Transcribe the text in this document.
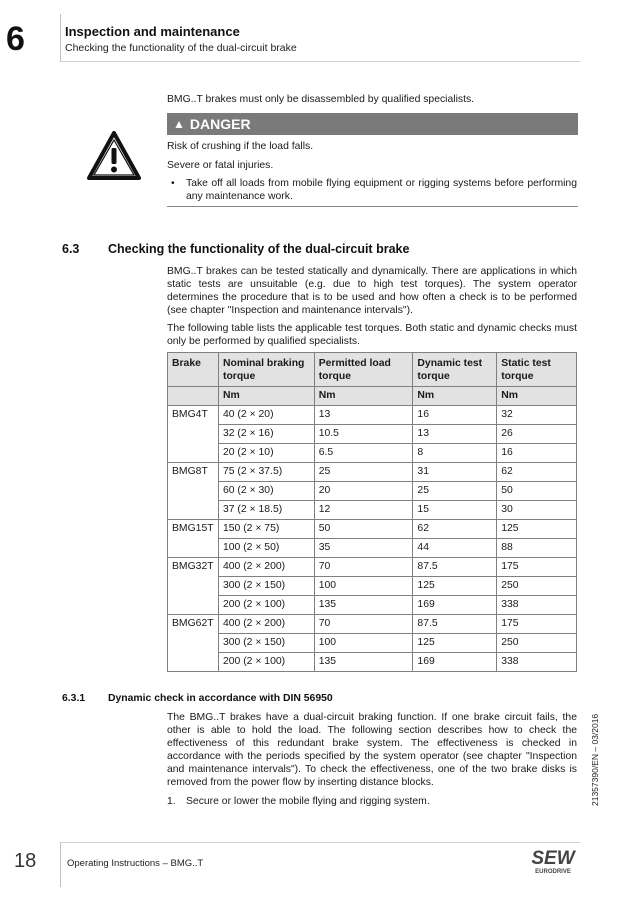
6	Inspection and maintenance
Checking the functionality of the dual-circuit brake
BMG..T brakes must only be disassembled by qualified specialists.
▲ DANGER
Risk of crushing if the load falls.
Severe or fatal injuries.
•	Take off all loads from mobile flying equipment or rigging systems before performing any maintenance work.
6.3 Checking the functionality of the dual-circuit brake
BMG..T brakes can be tested statically and dynamically. There are applications in which static tests are unsuitable (e.g. due to high test torques). The system operator determines the procedure that is to be used and how often a check is to be performed (see chapter "Inspection and maintenance intervals").
The following table lists the applicable test torques. Both static and dynamic checks must only be performed by qualified specialists.
Brake	Nominal braking torque	Permitted load torque	Dynamic test torque	Static test torque
	Nm	Nm	Nm	Nm
BMG4T	40 (2 × 20)	13	16	32
	32 (2 × 16)	10.5	13	26
	20 (2 × 10)	6.5	8	16
BMG8T	75 (2 × 37.5)	25	31	62
	60 (2 × 30)	20	25	50
	37 (2 × 18.5)	12	15	30
BMG15T	150 (2 × 75)	50	62	125
	100 (2 × 50)	35	44	88
BMG32T	400 (2 × 200)	70	87.5	175
	300 (2 × 150)	100	125	250
	200 (2 × 100)	135	169	338
BMG62T	400 (2 × 200)	70	87.5	175
	300 (2 × 150)	100	125	250
	200 (2 × 100)	135	169	338
6.3.1 Dynamic check in accordance with DIN 56950
The BMG..T brakes have a dual-circuit braking function. If one brake circuit fails, the other is able to hold the load. The following section describes how to check the effectiveness of this redundant brake system. The effectiveness is checked in accordance with the periods specified by the system operator (see chapter "Inspection and maintenance intervals"). To check the effectiveness, one of the two brake disks is removed from the power flow by inserting distance blocks.
1. Secure or lower the mobile flying and rigging system.	21357390/EN – 03/2016
18	Operating Instructions – BMG..T	SEW
EURODRIVE
